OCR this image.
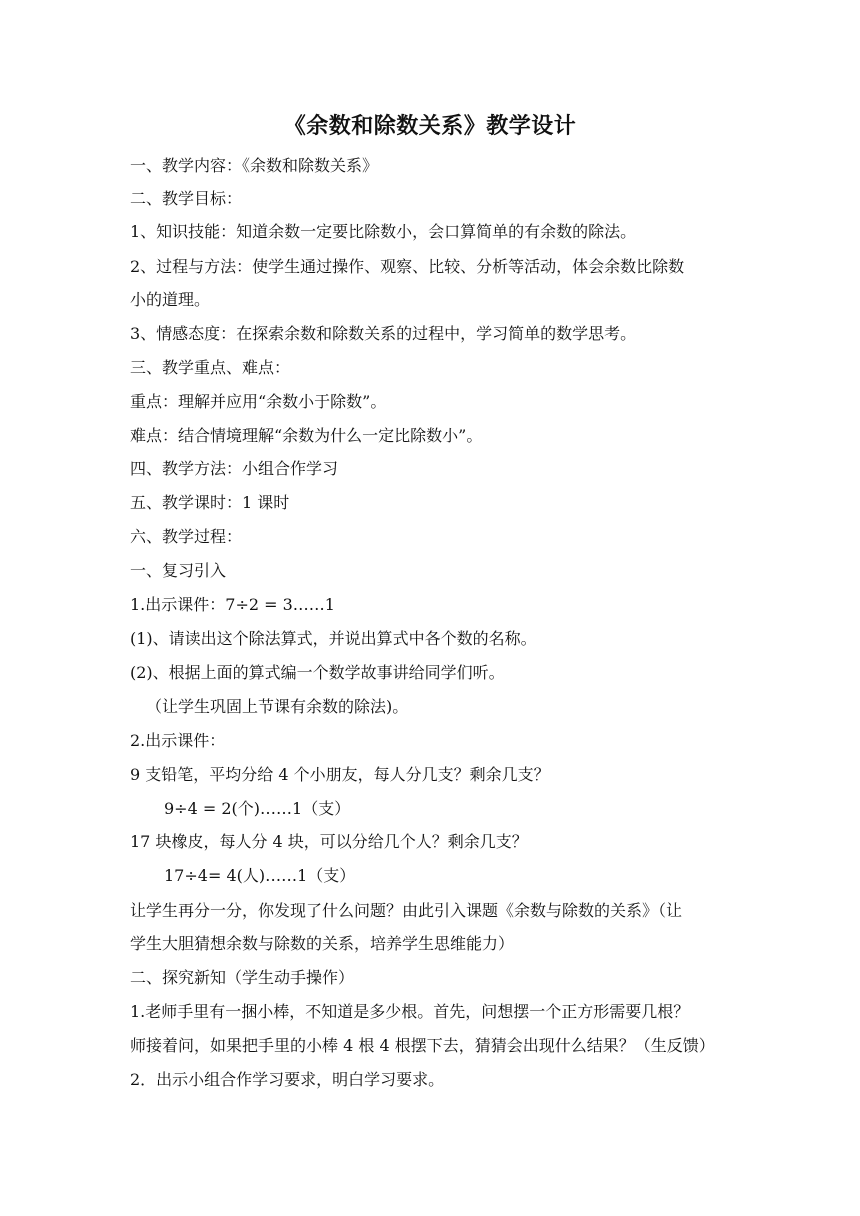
《余数和除数关系》教学设计
一、教学内容：《余数和除数关系》
二、教学目标：
1、知识技能：知道余数一定要比除数小，会口算简单的有余数的除法。
2、过程与方法：使学生通过操作、观察、比较、分析等活动，体会余数比除数
小的道理。
3、情感态度：在探索余数和除数关系的过程中，学习简单的数学思考。
三、教学重点、难点：
重点：理解并应用“余数小于除数”。
难点：结合情境理解“余数为什么一定比除数小”。
四、教学方法：小组合作学习
五、教学课时：1 课时
六、教学过程：
一、复习引入
1.出示课件：7÷2 = 3……1
(1)、请读出这个除法算式，并说出算式中各个数的名称。
(2)、根据上面的算式编一个数学故事讲给同学们听。
（让学生巩固上节课有余数的除法)。
2.出示课件：
9 支铅笔，平均分给 4 个小朋友，每人分几支？剩余几支？
9÷4 = 2(个)……1（支）
17 块橡皮，每人分 4 块，可以分给几个人？剩余几支？
17÷4= 4(人)……1（支）
让学生再分一分，你发现了什么问题？由此引入课题《余数与除数的关系》（让
学生大胆猜想余数与除数的关系，培养学生思维能力）
二、探究新知（学生动手操作）
1.老师手里有一捆小棒，不知道是多少根。首先，问想摆一个正方形需要几根？
师接着问，如果把手里的小棒 4 根 4 根摆下去，猜猜会出现什么结果？（生反馈）
2．出示小组合作学习要求，明白学习要求。
